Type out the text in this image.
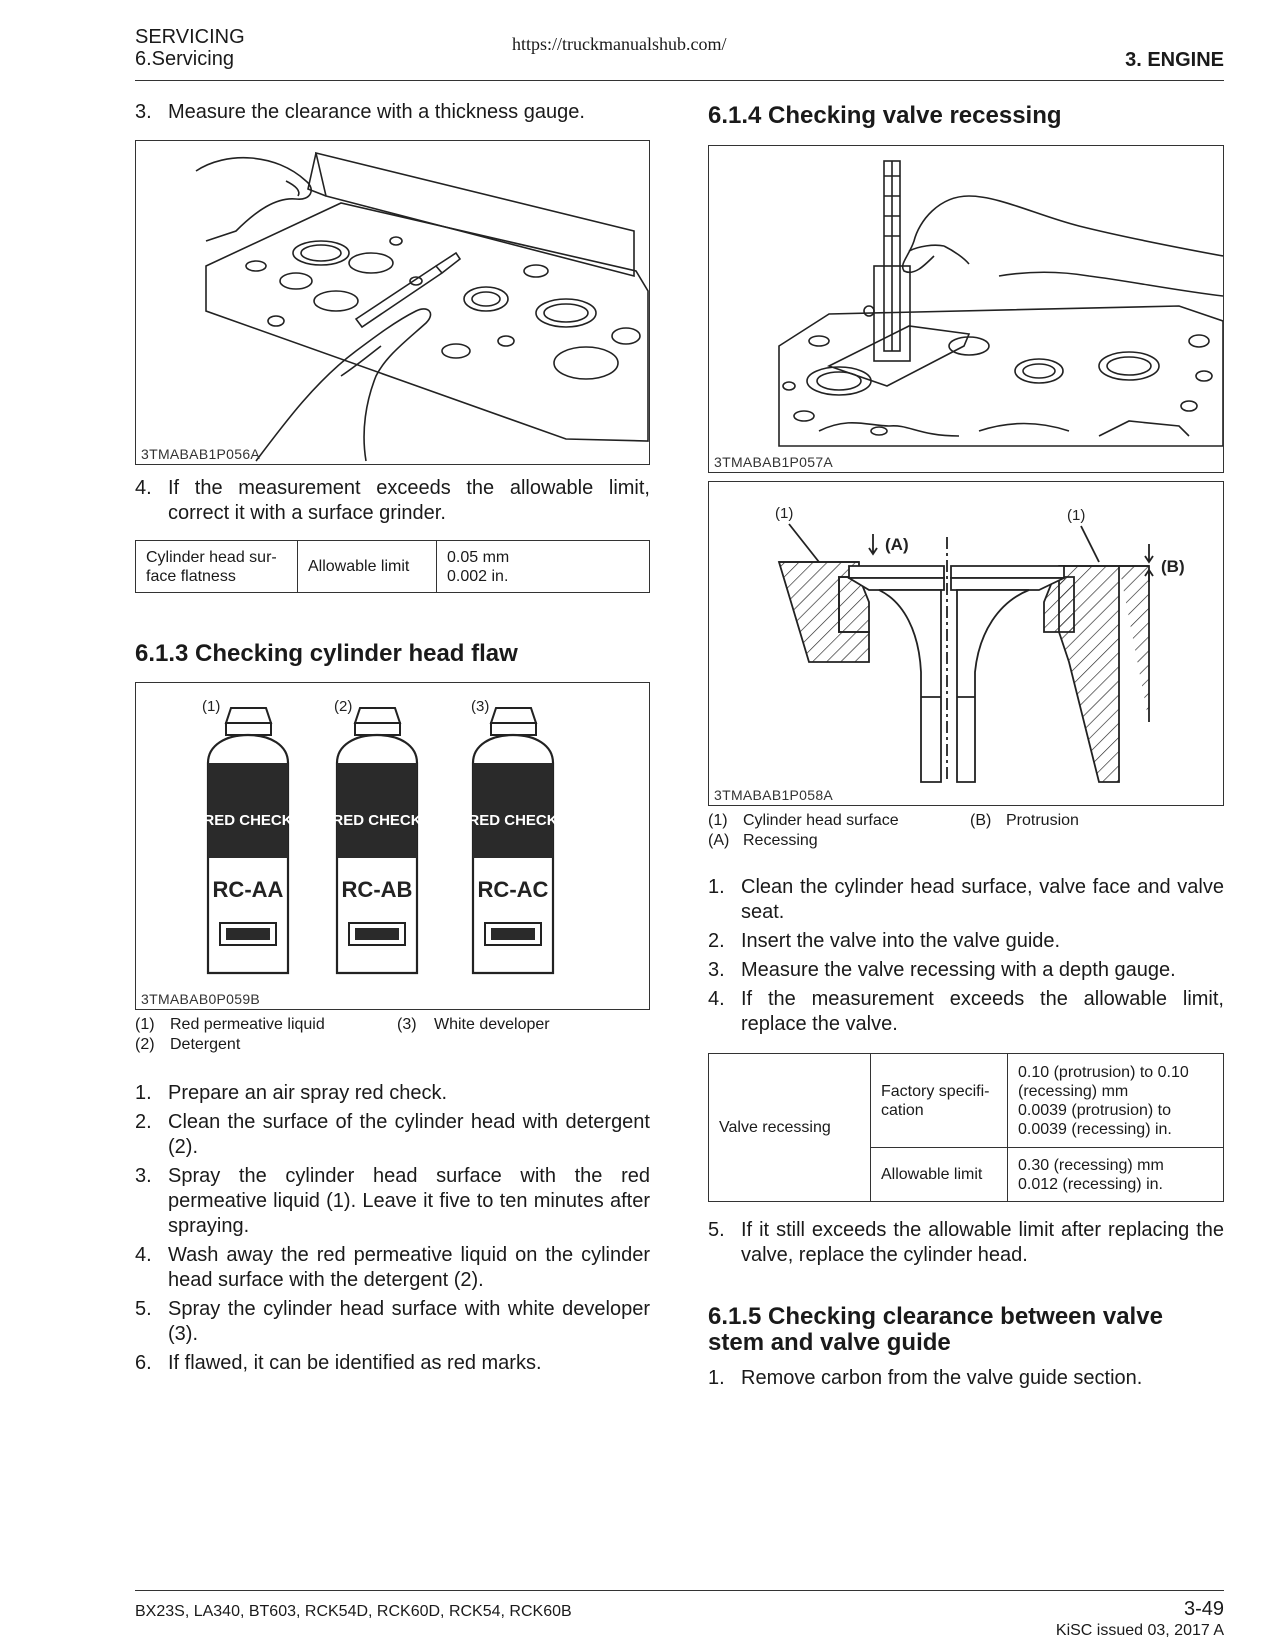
SERVICING
6.Servicing
https://truckmanualshub.com/
3. ENGINE
3. Measure the clearance with a thickness gauge.
3TMABAB1P056A
4. If the measurement exceeds the allowable limit, correct it with a surface grinder.
Cylinder head sur-face flatness	Allowable limit	
0.05 mm
0.002 in.
6.1.3 Checking cylinder head flaw
(1)	(2)	(3)
RED CHECK
RC-AA
RED CHECK
RC-AB
RED CHECK
RC-AC
3TMABAB0P059B
(1) Red permeative liquid	(3) White developer
(2) Detergent
1. Prepare an air spray red check.
2. Clean the surface of the cylinder head with detergent (2).
3. Spray the cylinder head surface with the red permeative liquid (1). Leave it five to ten minutes after spraying.
4. Wash away the red permeative liquid on the cylinder head surface with the detergent (2).
5. Spray the cylinder head surface with white developer (3).
6. If flawed, it can be identified as red marks.
6.1.4 Checking valve recessing
3TMABAB1P057A
(1)	(1)
(A)
(B)
3TMABAB1P058A
(1) Cylinder head surface	(B) Protrusion
(A) Recessing
1. Clean the cylinder head surface, valve face and valve seat.
2. Insert the valve into the valve guide.
3. Measure the valve recessing with a depth gauge.
4. If the measurement exceeds the allowable limit, replace the valve.
Valve recessing	Factory specifi-cation	0.10 (protrusion) to 0.10
(recessing) mm
0.0039 (protrusion) to
0.0039 (recessing) in.

	Allowable limit	0.30 (recessing) mm
0.012 (recessing) in.
5. If it still exceeds the allowable limit after replacing the valve, replace the cylinder head.
6.1.5 Checking clearance between valve
stem and valve guide
1. Remove carbon from the valve guide section.
BX23S, LA340, BT603, RCK54D, RCK60D, RCK54, RCK60B	3-49
KiSC issued 03, 2017 A
